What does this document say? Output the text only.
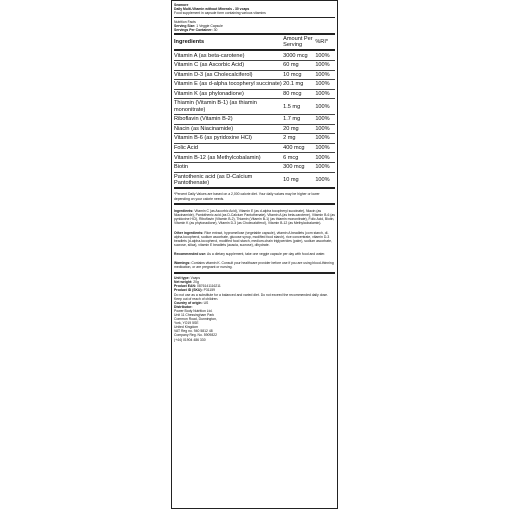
Seamore
Daily Multi-Vitamin without Minerals - 30 vcaps
Food supplement in capsule form containing various vitamins
Nutrition Facts
Serving Size: 1 Veggie Capsule
Servings Per Container: 30
Ingredients	Amount Per Serving	%RI*
Vitamin A (as beta-carotene)	3000 mcg	100%
Vitamin C (as Ascorbic Acid)	60 mg	100%
Vitamin D-3 (as Cholecalciferol)	10 mcg	100%
Vitamin E (as d-alpha tocopheryl succinate)	20.1 mg	100%
Vitamin K (as phylonadione)	80 mcg	100%
Thiamin (Vitamin B-1) (as thiamin mononitrate)	1.5 mg	100%
Riboflavin (Vitamin B-2)	1.7 mg	100%
Niacin (as Niacinamide)	20 mg	100%
Vitamin B-6 (as pyridoxine HCl)	2 mg	100%
Folic Acid	400 mcg	100%
Vitamin B-12 (as Methylcobalamin)	6 mcg	100%
Biotin	300 mcg	100%
Pantothenic acid (as D-Calcium Pantothenate)	10 mg	100%
*Percent Daily Values are based on a 2,000 calorie diet. Your daily values may be higher or lower depending on your calorie needs.
Ingredients: Vitamin C (as Ascorbic Acid), Vitamin E (as d-alpha tocopheryl succinate), Niacin (as Niacinamide), Pantothenic acid (as D-Calcium Pantothenate), Vitamin A (as beta-carotene), Vitamin B-6 (as pyridoxine HCl), Riboflavin (Vitamin B-2), Thiamin (Vitamin B-1) (as thiamin mononitrate), Folic Acid, Biotin, Vitamin K (as phytonadione), Vitamin D-3 (as Cholecalciferol), Vitamin B-12 (as Methylcobalamin).
Other ingredients: Rice extract, hypromellose (vegetable capsule), vitamin A beadlets (corn starch, dl-alpha-tocopherol, sodium ascorbate, glucose syrup, modified food starch), rice concentrate, vitamin D-3 beadlets (d-alpha-tocopherol, modified food starch, medium-chain triglycerides (palm), sodium ascorbate, sucrose, silica), vitamin E beadlets (acacia, sucrose), dihydrate.
Recommended use: As a dietary supplement, take one veggie capsule per day with food and water.
Warnings: Contains vitamin K. Consult your healthcare provider before use if you are using blood-thinning medication, or are pregnant or nursing.
Unit type: Vcaps
Net weight: 20g
Product EAN: 0876141116211
Product ID (SKU): P31159
Do not use as a substitute for a balanced and varied diet. Do not exceed the recommended daily dose. Keep out of reach of children.
Country of origin: US
Distributor:
Power Body Nutrition Ltd.
Unit 11 Chessingham Park
Common Road, Dunnington,
York, YO19 5SE
United Kingdom
VAT Reg no. 940 5812 48
Company Reg. No. 5909822
(+44) 01904 486 330
